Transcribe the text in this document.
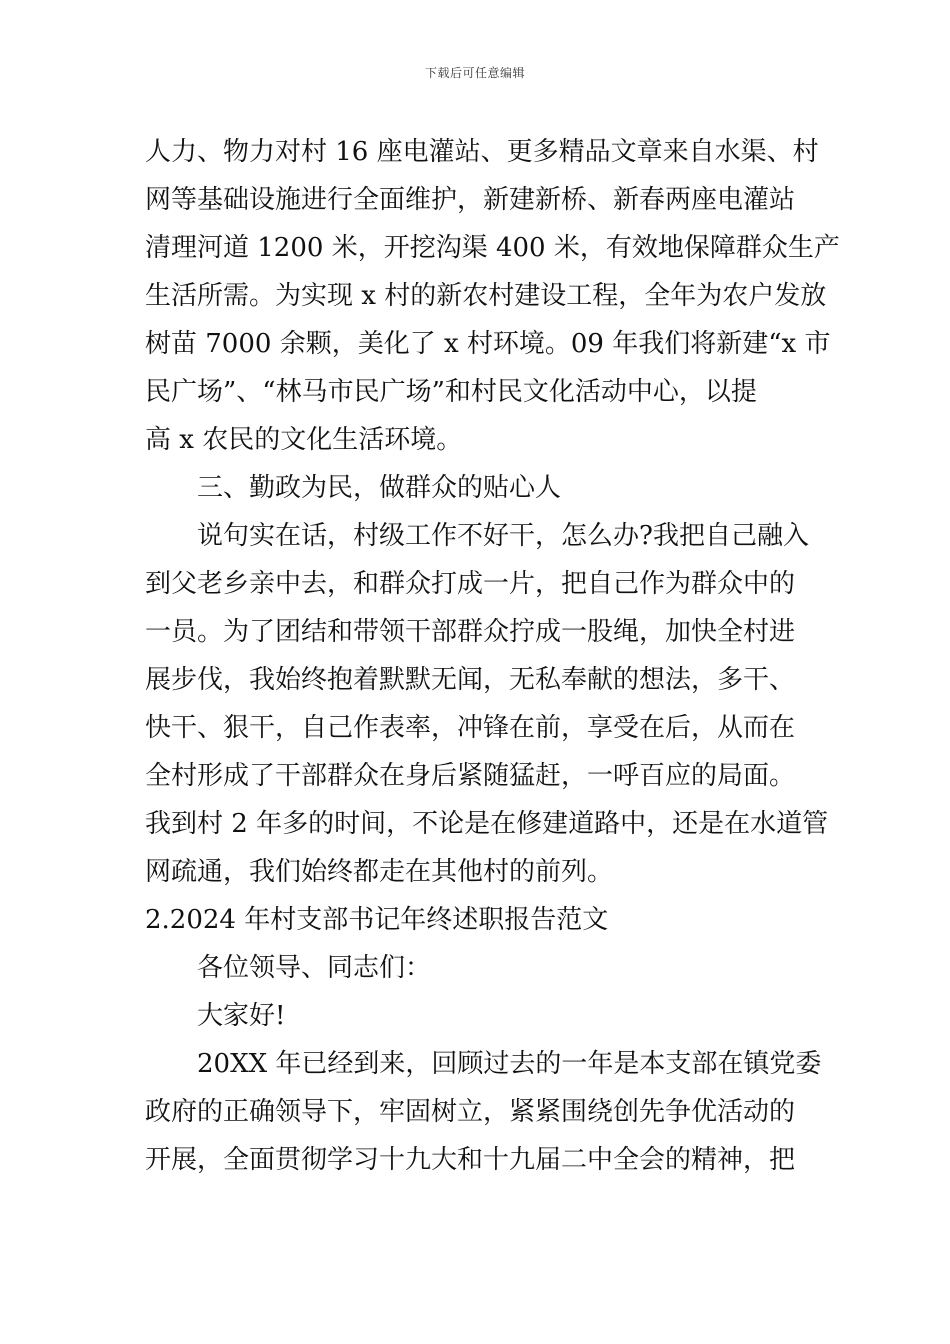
下载后可任意编辑
人力、物力对村 16 座电灌站、更多精品文章来自水渠、村
网等基础设施进行全面维护，新建新桥、新春两座电灌站
清理河道 1200 米，开挖沟渠 400 米，有效地保障群众生产
生活所需。为实现 x 村的新农村建设工程，全年为农户发放
树苗 7000 余颗，美化了 x 村环境。09 年我们将新建“x 市
民广场”、“林马市民广场”和村民文化活动中心，以提
高 x 农民的文化生活环境。
三、勤政为民，做群众的贴心人
说句实在话，村级工作不好干，怎么办?我把自己融入
到父老乡亲中去，和群众打成一片，把自己作为群众中的
一员。为了团结和带领干部群众拧成一股绳，加快全村进
展步伐，我始终抱着默默无闻，无私奉献的想法，多干、
快干、狠干，自己作表率，冲锋在前，享受在后，从而在
全村形成了干部群众在身后紧随猛赶，一呼百应的局面。
我到村 2 年多的时间，不论是在修建道路中，还是在水道管
网疏通，我们始终都走在其他村的前列。
2.2024 年村支部书记年终述职报告范文
各位领导、同志们：
大家好!
20XX 年已经到来，回顾过去的一年是本支部在镇党委
政府的正确领导下，牢固树立，紧紧围绕创先争优活动的
开展，全面贯彻学习十九大和十九届二中全会的精神，把
